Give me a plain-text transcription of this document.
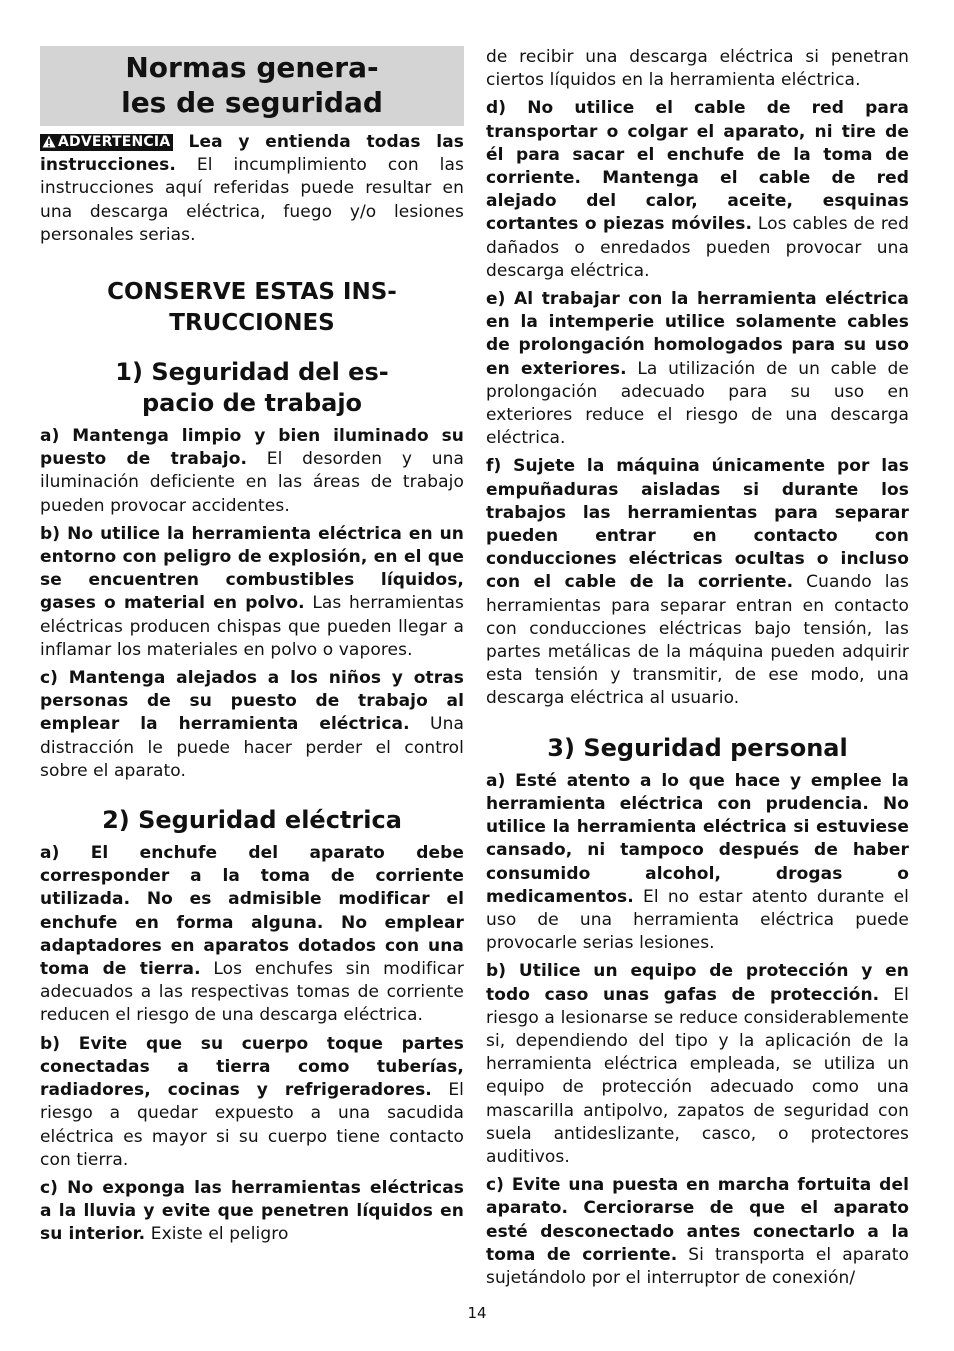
Normas genera-
les de seguridad

ADVERTENCIA Lea y entienda todas las instrucciones. El incumplimiento con las instrucciones aquí referidas puede resultar en una descarga eléctrica, fuego y/o lesiones personales serias.

CONSERVE ESTAS INS-
TRUCCIONES
1) Seguridad del es-
pacio de trabajo

a) Mantenga limpio y bien iluminado su puesto de trabajo. El desorden y una iluminación deficiente en las áreas de trabajo pueden provocar accidentes.

b) No utilice la herramienta eléctrica en un entorno con peligro de explosión, en el que se encuentren combustibles líquidos, gases o material en polvo. Las herramientas eléctricas producen chispas que pueden llegar a inflamar los materiales en polvo o vapores.

c) Mantenga alejados a los niños y otras personas de su puesto de trabajo al emplear la herramienta eléctrica. Una distracción le puede hacer perder el control sobre el aparato.

2) Seguridad eléctrica

a) El enchufe del aparato debe corresponder a la toma de corriente utilizada. No es admisible modificar el enchufe en forma alguna. No emplear adaptadores en aparatos dotados con una toma de tierra. Los enchufes sin modificar adecuados a las respectivas tomas de corriente reducen el riesgo de una descarga eléctrica.

b) Evite que su cuerpo toque partes conectadas a tierra como tuberías, radiadores, cocinas y refrigeradores. El riesgo a quedar expuesto a una sacudida eléctrica es mayor si su cuerpo tiene contacto con tierra.

c) No exponga las herramientas eléctricas a la lluvia y evite que penetren líquidos en su interior. Existe el peligro

de recibir una descarga eléctrica si penetran ciertos líquidos en la herramienta eléctrica.

d) No utilice el cable de red para transportar o colgar el aparato, ni tire de él para sacar el enchufe de la toma de corriente. Mantenga el cable de red alejado del calor, aceite, esquinas cortantes o piezas móviles. Los cables de red dañados o enredados pueden provocar una descarga eléctrica.

e) Al trabajar con la herramienta eléctrica en la intemperie utilice solamente cables de prolongación homologados para su uso en exteriores. La utilización de un cable de prolongación adecuado para su uso en exteriores reduce el riesgo de una descarga eléctrica.

f) Sujete la máquina únicamente por las empuñaduras aisladas si durante los trabajos las herramientas para separar pueden entrar en contacto con conducciones eléctricas ocultas o incluso con el cable de la corriente. Cuando las herramientas para separar entran en contacto con conducciones eléctricas bajo tensión, las partes metálicas de la máquina pueden adquirir esta tensión y transmitir, de ese modo, una descarga eléctrica al usuario.

3) Seguridad personal

a) Esté atento a lo que hace y emplee la herramienta eléctrica con prudencia. No utilice la herramienta eléctrica si estuviese cansado, ni tampoco después de haber consumido alcohol, drogas o medicamentos. El no estar atento durante el uso de una herramienta eléctrica puede provocarle serias lesiones.

b) Utilice un equipo de protección y en todo caso unas gafas de protección. El riesgo a lesionarse se reduce considerablemente si, dependiendo del tipo y la aplicación de la herramienta eléctrica empleada, se utiliza un equipo de protección adecuado como una mascarilla antipolvo, zapatos de seguridad con suela antideslizante, casco, o protectores auditivos.

c) Evite una puesta en marcha fortuita del aparato. Cerciorarse de que el aparato esté desconectado antes conectarlo a la toma de corriente. Si transporta el aparato sujetándolo por el interruptor de conexión/

14
